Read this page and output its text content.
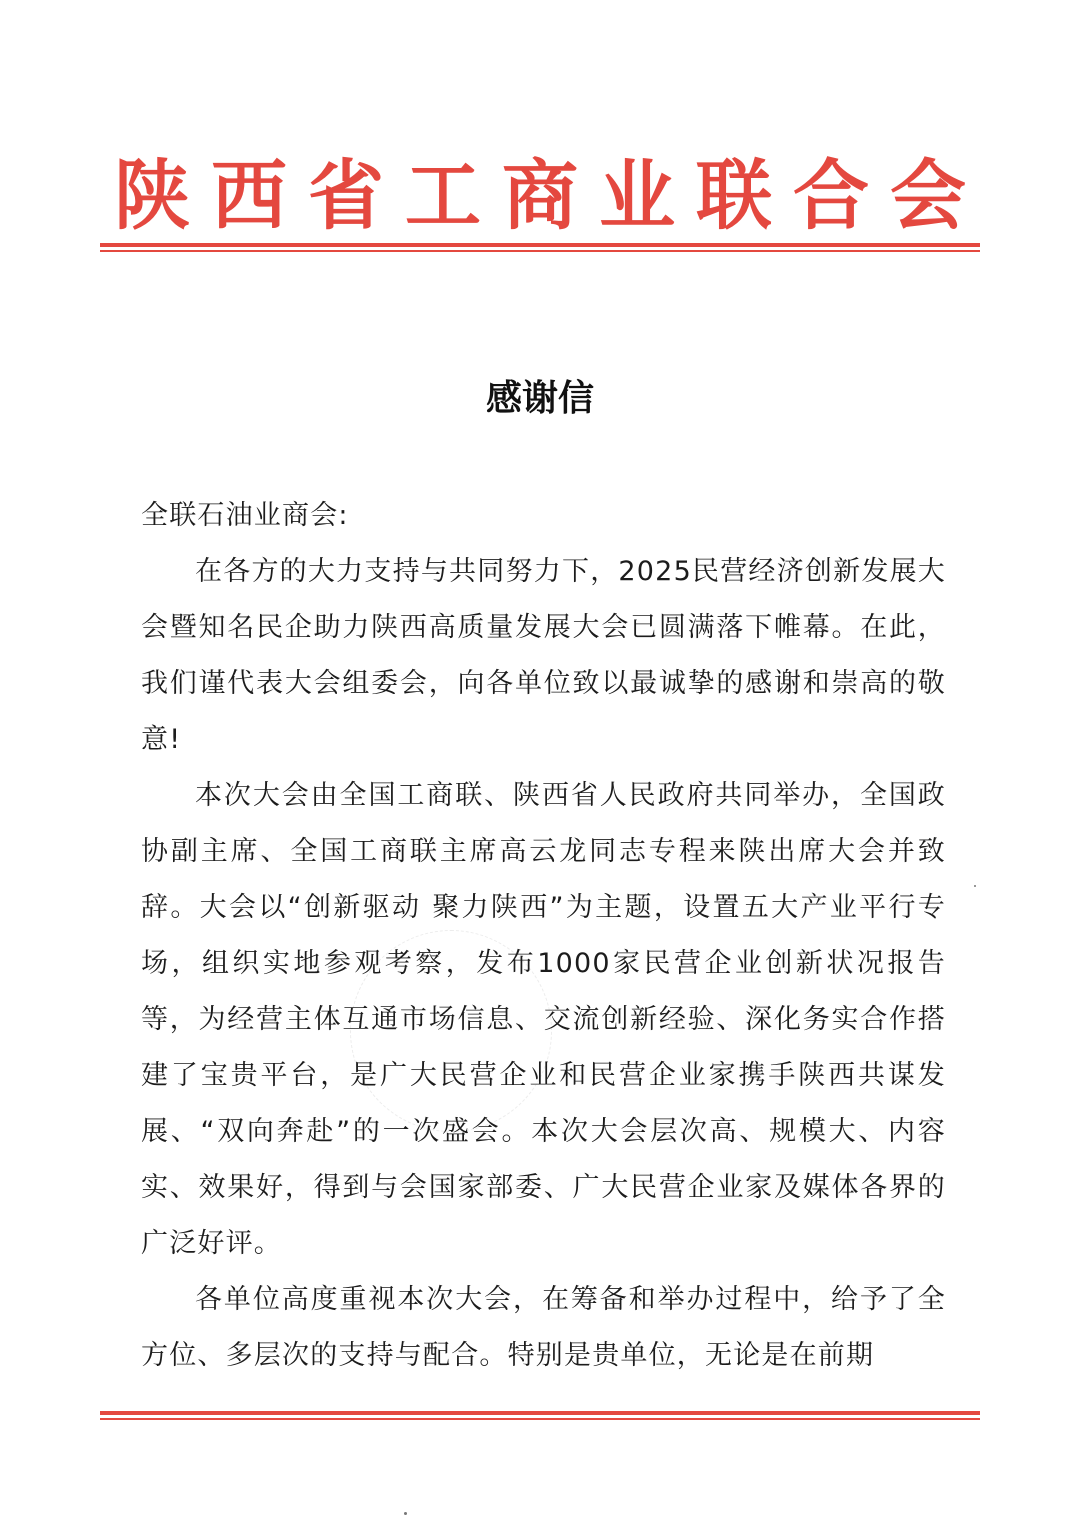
陕 西 省 工 商 业 联 合 会
感谢信

全联石油业商会:

在各方的大力支持与共同努力下，2025民营经济创新发展大会暨知名民企助力陕西高质量发展大会已圆满落下帷幕。在此，我们谨代表大会组委会，向各单位致以最诚挚的感谢和崇高的敬意!

本次大会由全国工商联、陕西省人民政府共同举办，全国政协副主席、全国工商联主席高云龙同志专程来陕出席大会并致辞。大会以“创新驱动 聚力陕西”为主题，设置五大产业平行专场，组织实地参观考察，发布1000家民营企业创新状况报告等，为经营主体互通市场信息、交流创新经验、深化务实合作搭建了宝贵平台，是广大民营企业和民营企业家携手陕西共谋发展、“双向奔赴”的一次盛会。本次大会层次高、规模大、内容实、效果好，得到与会国家部委、广大民营企业家及媒体各界的广泛好评。

各单位高度重视本次大会，在筹备和举办过程中，给予了全方位、多层次的支持与配合。特别是贵单位，无论是在前期
